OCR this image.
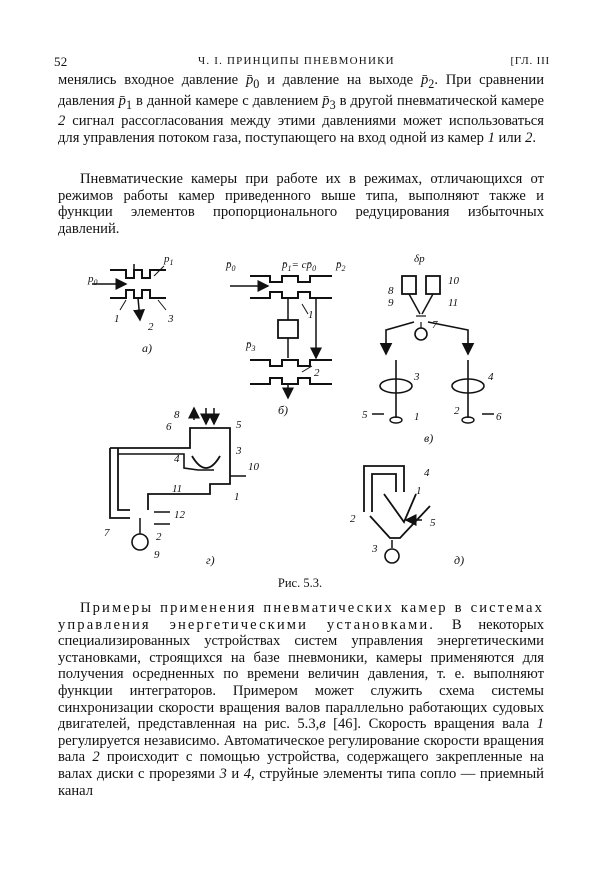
52	Ч. I. ПРИНЦИПЫ ПНЕВМОНИКИ	[ГЛ. III
менялись входное давление $p̄_0$ и давление на выходе $p̄_2$. При сравнении давления $p̄_1$ в данной камере с давлением $p̄_3$ в другой пневматической камере 2 сигнал рассогласования между этими давлениями может использоваться для управления потоком газа, поступающего на вход одной из камер 1 или 2.
Пневматические камеры при работе их в режимах, отличающихся от режимов работы камер приведенного выше типа, выполняют также и функции элементов пропорционального редуцирования избыточных давлений.
$p_0$
$p_1$
1
2
3
а)
$p̄_0$	$p̄_1=$ $cp̄_0$ $p̄_2$
$p̄_3$
1
2
б)
δp
10
8
9	11
7
3	4
5	1	2	6
в)
8
6	5
4
3
10
1
11
12
7	2
9	г)
4
1
2	5
3
д)
Рис. 5.3.
Примеры применения пневматических камер в системах управления энергетическими установками. В некоторых специализированных устройствах систем управления энергетическими установками, строящихся на базе пневмоники, камеры применяются для получения осредненных по времени величин давления, т. е. выполняют функции интеграторов. Примером может служить схема системы синхронизации скорости вращения валов параллельно работающих судовых двигателей, представленная на рис. 5.3,в [46]. Скорость вращения вала 1 регулируется независимо. Автоматическое регулирование скорости вращения вала 2 происходит с помощью устройства, содержащего закрепленные на валах диски с прорезями 3 и 4, струйные элементы типа сопло — приемный канал
